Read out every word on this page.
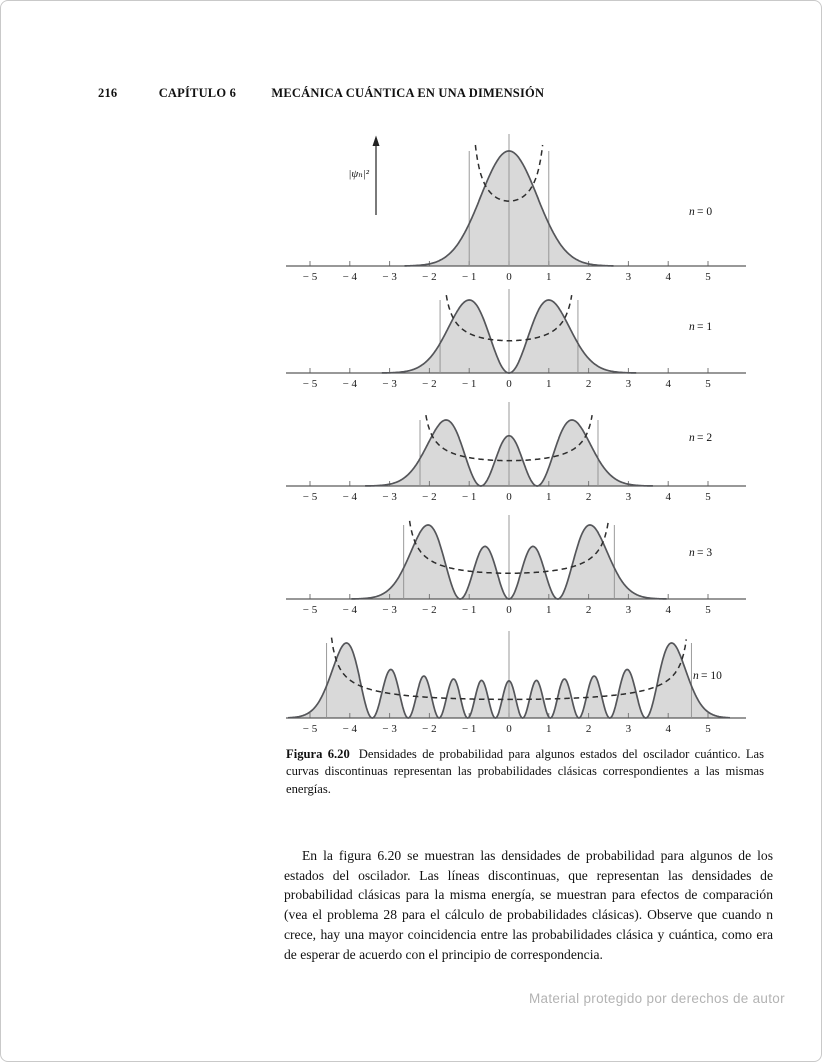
216	CAPÍTULO 6	MECÁNICA CUÁNTICA EN UNA DIMENSIÓN
− 5 − 4 − 3 − 2 − 1	0	1	2	3	4	5
n = 0
|ψₙ|²
− 5 − 4 − 3 − 2 − 1	0	1	2	3	4	5
n = 1
− 5 − 4 − 3 − 2 − 1	0	1	2	3	4	5
n = 2
− 5 − 4 − 3 − 2 − 1	0	1	2	3	4	5
n = 3
− 5 − 4 − 3 − 2 − 1	0	1	2	3	4	5
n = 10

Figura 6.20 Densidades de probabilidad para algunos estados del oscilador cuántico. Las curvas discontinuas representan las probabilidades clásicas correspondientes a las mismas energías.

En la figura 6.20 se muestran las densidades de probabilidad para algunos de los estados del oscilador. Las líneas discontinuas, que representan las densidades de probabilidad clásicas para la misma energía, se muestran para efectos de comparación (vea el problema 28 para el cálculo de probabilidades clásicas). Observe que cuando n crece, hay una mayor coincidencia entre las probabilidades clásica y cuántica, como era de esperar de acuerdo con el principio de correspondencia.

Material protegido por derechos de autor
